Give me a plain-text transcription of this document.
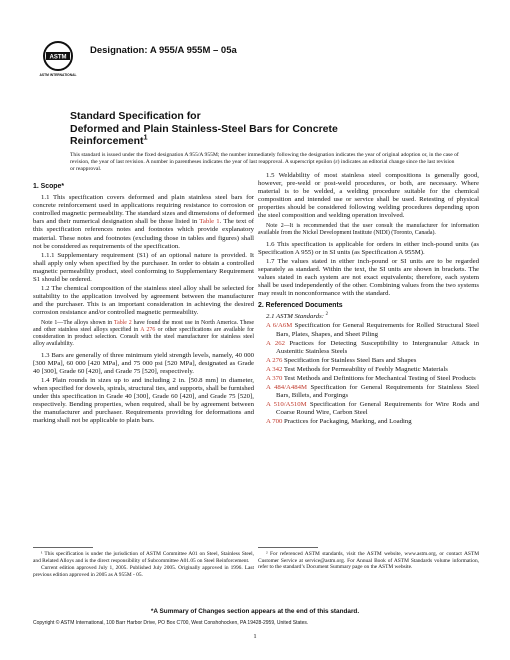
ASTM
ASTM INTERNATIONAL
Designation: A 955/A 955M – 05a
Standard Specification for
Deformed and Plain Stainless-Steel Bars for Concrete
Reinforcement$^1$
This standard is issued under the fixed designation A 955/A 955M; the number immediately following the designation indicates the year of original adoption or, in the case of revision, the year of last revision. A number in parentheses indicates the year of last reapproval. A superscript epsilon (ε) indicates an editorial change since the last revision or reapproval.
1. Scope*

1.1 This specification covers deformed and plain stainless steel bars for concrete reinforcement used in applications requiring resistance to corrosion or controlled magnetic permeability. The standard sizes and dimensions of deformed bars and their numerical designation shall be those listed in Table 1. The text of this specification references notes and footnotes which provide explanatory material. These notes and footnotes (excluding those in tables and figures) shall not be considered as requirements of the specification.

1.1.1 Supplementary requirement (S1) of an optional nature is provided. It shall apply only when specified by the purchaser. In order to obtain a controlled magnetic permeability product, steel conforming to Supplementary Requirement S1 should be ordered.

1.2 The chemical composition of the stainless steel alloy shall be selected for suitability to the application involved by agreement between the manufacturer and the purchaser. This is an important consideration in achieving the desired corrosion resistance and/or controlled magnetic permeability.

Note 1—The alloys shown in Table 2 have found the most use in North America. These and other stainless steel alloys specified in A 276 or other specifications are available for consideration in product selection. Consult with the steel manufacturer for stainless steel alloy availability.

1.3 Bars are generally of three minimum yield strength levels, namely, 40 000 [300 MPa], 60 000 [420 MPa], and 75 000 psi [520 MPa], designated as Grade 40 [300], Grade 60 [420], and Grade 75 [520], respectively.

1.4 Plain rounds in sizes up to and including 2 in. [50.8 mm] in diameter, when specified for dowels, spirals, structural ties, and supports, shall be furnished under this specification in Grade 40 [300], Grade 60 [420], and Grade 75 [520], respectively. Bending properties, when required, shall be by agreement between the manufacturer and purchaser. Requirements providing for deformations and marking shall not be applicable to plain bars.

1.5 Weldability of most stainless steel compositions is generally good, however, pre-weld or post-weld procedures, or both, are necessary. Where material is to be welded, a welding procedure suitable for the chemical composition and intended use or service shall be used. Retesting of physical properties should be considered following welding procedures depending upon the steel composition and welding operation involved.

Note 2—It is recommended that the user consult the manufacturer for information available from the Nickel Development Institute (NIDI) (Toronto, Canada).

1.6 This specification is applicable for orders in either inch-pound units (as Specification A 955) or in SI units (as Specification A 955M).

1.7 The values stated in either inch-pound or SI units are to be regarded separately as standard. Within the text, the SI units are shown in brackets. The values stated in each system are not exact equivalents; therefore, each system shall be used independently of the other. Combining values from the two systems may result in nonconformance with the standard.

2. Referenced Documents

2.1 ASTM Standards: $^2$

A 6/A6M Specification for General Requirements for Rolled Structural Steel Bars, Plates, Shapes, and Sheet Piling

A 262 Practices for Detecting Susceptibility to Intergranular Attack in Austenitic Stainless Steels

A 276 Specification for Stainless Steel Bars and Shapes

A 342 Test Methods for Permeability of Feebly Magnetic Materials

A 370 Test Methods and Definitions for Mechanical Testing of Steel Products

A 484/A484M Specification for General Requirements for Stainless Steel Bars, Billets, and Forgings

A 510/A510M Specification for General Requirements for Wire Rods and Coarse Round Wire, Carbon Steel

A 700 Practices for Packaging, Marking, and Loading

¹ This specification is under the jurisdiction of ASTM Committee A01 on Steel, Stainless Steel, and Related Alloys and is the direct responsibility of Subcommittee A01.05 on Steel Reinforcement.
Current edition approved July 1, 2005. Published July 2005. Originally approved in 1996. Last previous edition approved in 2005 as A 955M - 05.
² For referenced ASTM standards, visit the ASTM website, www.astm.org, or contact ASTM Customer Service at service@astm.org. For Annual Book of ASTM Standards volume information, refer to the standard’s Document Summary page on the ASTM website.
*A Summary of Changes section appears at the end of this standard.
Copyright © ASTM International, 100 Barr Harbor Drive, PO Box C700, West Conshohocken, PA 19428-2959, United States.
1
